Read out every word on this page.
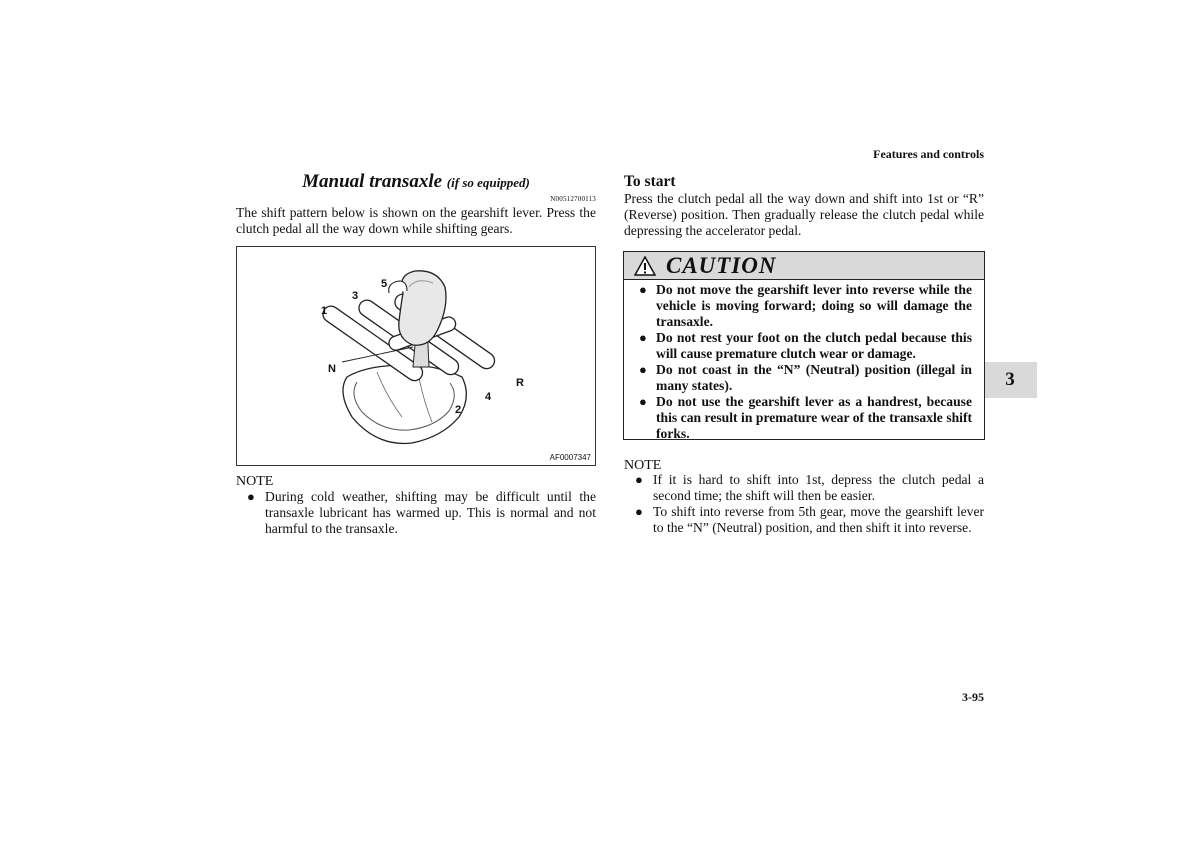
Features and controls
3
Manual transaxle (if so equipped)
N00512700113
The shift pattern below is shown on the gearshift lever. Press the clutch pedal all the way down while shifting gears.
1
3
5
N
R
4
2
AF0007347
NOTE
● During cold weather, shifting may be difficult until the transaxle lubricant has warmed up. This is normal and not harmful to the transaxle.
To start
Press the clutch pedal all the way down and shift into 1st or “R” (Reverse) position. Then gradually release the clutch pedal while depressing the accelerator pedal.
CAUTION
● Do not move the gearshift lever into reverse while the vehicle is moving forward; doing so will damage the transaxle.
● Do not rest your foot on the clutch pedal because this will cause premature clutch wear or damage.
● Do not coast in the “N” (Neutral) position (illegal in many states).
● Do not use the gearshift lever as a handrest, because this can result in premature wear of the transaxle shift forks.
NOTE
● If it is hard to shift into 1st, depress the clutch pedal a second time; the shift will then be easier.
● To shift into reverse from 5th gear, move the gearshift lever to the “N” (Neutral) position, and then shift it into reverse.
3-95
